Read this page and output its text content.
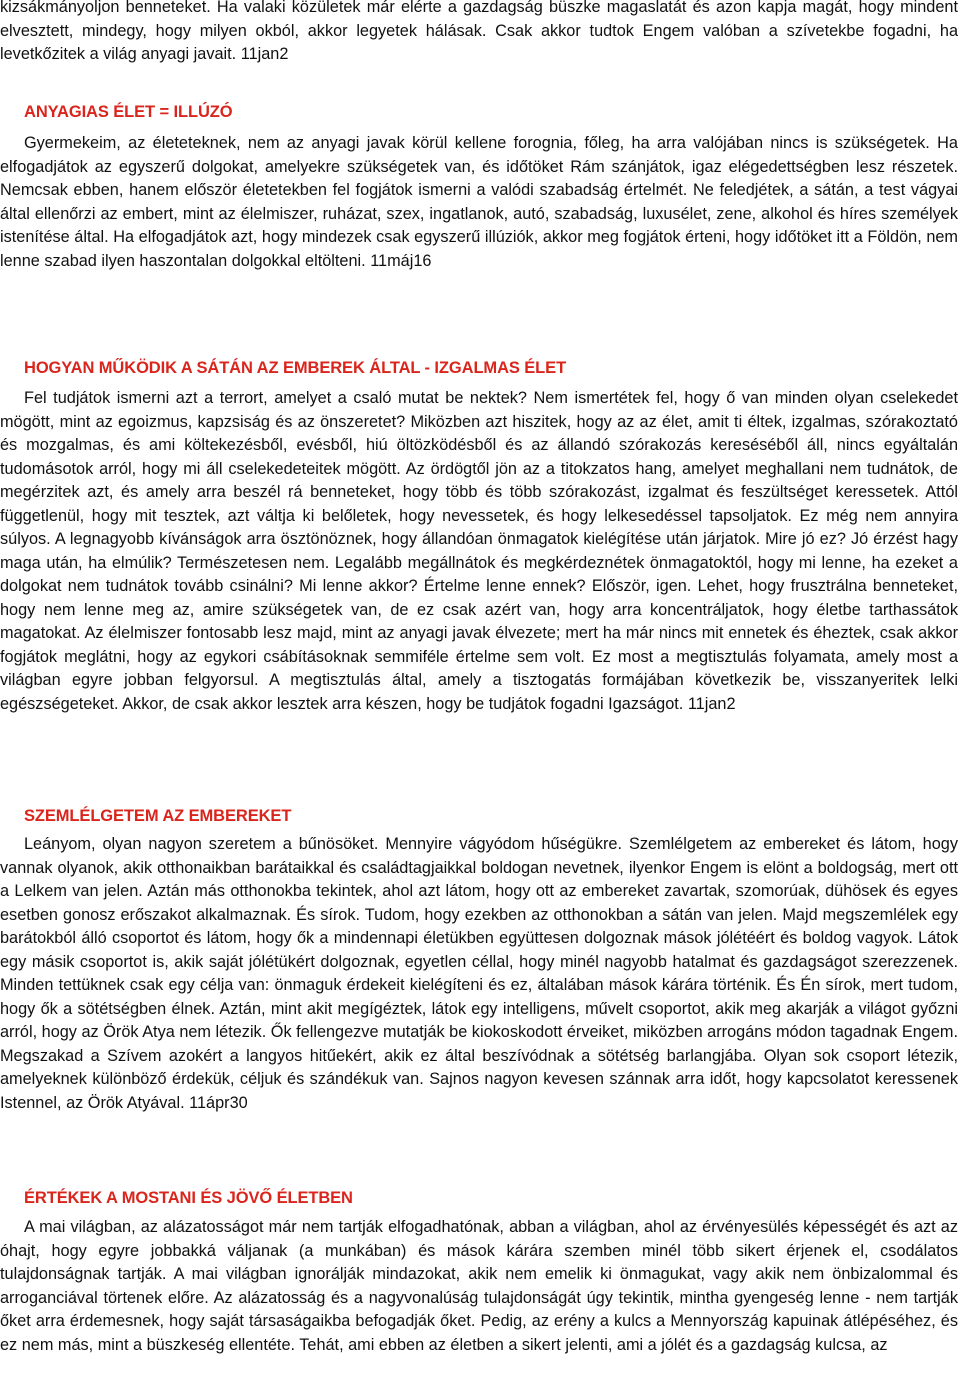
kizsákmányoljon benneteket. Ha valaki közületek már elérte a gazdagság büszke magaslatát és azon kapja magát, hogy mindent elvesztett, mindegy, hogy milyen okból, akkor legyetek hálásak. Csak akkor tudtok Engem valóban a szívetekbe fogadni, ha levetkőzitek a világ anyagi javait. 11jan2

ANYAGIAS ÉLET = ILLÚZÓ

Gyermekeim, az életeteknek, nem az anyagi javak körül kellene forognia, főleg, ha arra valójában nincs is szükségetek. Ha elfogadjátok az egyszerű dolgokat, amelyekre szükségetek van, és időtöket Rám szánjátok, igaz elégedettségben lesz részetek. Nemcsak ebben, hanem először életetekben fel fogjátok ismerni a valódi szabadság értelmét. Ne feledjétek, a sátán, a test vágyai által ellenőrzi az embert, mint az élelmiszer, ruházat, szex, ingatlanok, autó, szabadság, luxusélet, zene, alkohol és híres személyek istenítése által. Ha elfogadjátok azt, hogy mindezek csak egyszerű illúziók, akkor meg fogjátok érteni, hogy időtöket itt a Földön, nem lenne szabad ilyen haszontalan dolgokkal eltölteni. 11máj16

HOGYAN MŰKÖDIK A SÁTÁN AZ EMBEREK ÁLTAL - IZGALMAS ÉLET

Fel tudjátok ismerni azt a terrort, amelyet a csaló mutat be nektek? Nem ismertétek fel, hogy ő van minden olyan cselekedet mögött, mint az egoizmus, kapzsiság és az önszeretet? Miközben azt hiszitek, hogy az az élet, amit ti éltek, izgalmas, szórakoztató és mozgalmas, és ami költekezésből, evésből, hiú öltözködésből és az állandó szórakozás kereséséből áll, nincs egyáltalán tudomásotok arról, hogy mi áll cselekedeteitek mögött. Az ördögtől jön az a titokzatos hang, amelyet meghallani nem tudnátok, de megérzitek azt, és amely arra beszél rá benneteket, hogy több és több szórakozást, izgalmat és feszültséget keressetek. Attól függetlenül, hogy mit tesztek, azt váltja ki belőletek, hogy nevessetek, és hogy lelkesedéssel tapsoljatok. Ez még nem annyira súlyos. A legnagyobb kívánságok arra ösztönöznek, hogy állandóan önmagatok kielégítése után járjatok. Mire jó ez? Jó érzést hagy maga után, ha elmúlik? Természetesen nem. Legalább megállnátok és megkérdeznétek önmagatoktól, hogy mi lenne, ha ezeket a dolgokat nem tudnátok tovább csinálni? Mi lenne akkor? Értelme lenne ennek? Először, igen. Lehet, hogy frusztrálna benneteket, hogy nem lenne meg az, amire szükségetek van, de ez csak azért van, hogy arra koncentráljatok, hogy életbe tarthassátok magatokat. Az élelmiszer fontosabb lesz majd, mint az anyagi javak élvezete; mert ha már nincs mit ennetek és éheztek, csak akkor fogjátok meglátni, hogy az egykori csábításoknak semmiféle értelme sem volt. Ez most a megtisztulás folyamata, amely most a világban egyre jobban felgyorsul. A megtisztulás által, amely a tisztogatás formájában következik be, visszanyeritek lelki egészségeteket. Akkor, de csak akkor lesztek arra készen, hogy be tudjátok fogadni Igazságot. 11jan2

SZEMLÉLGETEM AZ EMBEREKET

Leányom, olyan nagyon szeretem a bűnösöket. Mennyire vágyódom hűségükre. Szemlélgetem az embereket és látom, hogy vannak olyanok, akik otthonaikban barátaikkal és családtagjaikkal boldogan nevetnek, ilyenkor Engem is elönt a boldogság, mert ott a Lelkem van jelen. Aztán más otthonokba tekintek, ahol azt látom, hogy ott az embereket zavartak, szomorúak, dühösek és egyes esetben gonosz erőszakot alkalmaznak. És sírok. Tudom, hogy ezekben az otthonokban a sátán van jelen. Majd megszemlélek egy barátokból álló csoportot és látom, hogy ők a mindennapi életükben együttesen dolgoznak mások jólétéért és boldog vagyok. Látok egy másik csoportot is, akik saját jólétükért dolgoznak, egyetlen céllal, hogy minél nagyobb hatalmat és gazdagságot szerezzenek. Minden tettüknek csak egy célja van: önmaguk érdekeit kielégíteni és ez, általában mások kárára történik. És Én sírok, mert tudom, hogy ők a sötétségben élnek. Aztán, mint akit megígéztek, látok egy intelligens, művelt csoportot, akik meg akarják a világot győzni arról, hogy az Örök Atya nem létezik. Ők fellengezve mutatják be kiokoskodott érveiket, miközben arrogáns módon tagadnak Engem. Megszakad a Szívem azokért a langyos hitűekért, akik ez által beszívódnak a sötétség barlangjába. Olyan sok csoport létezik, amelyeknek különböző érdekük, céljuk és szándékuk van. Sajnos nagyon kevesen szánnak arra időt, hogy kapcsolatot keressenek Istennel, az Örök Atyával. 11ápr30

ÉRTÉKEK A MOSTANI ÉS JÖVŐ ÉLETBEN

A mai világban, az alázatosságot már nem tartják elfogadhatónak, abban a világban, ahol az érvényesülés képességét és azt az óhajt, hogy egyre jobbakká váljanak (a munkában) és mások kárára szemben minél több sikert érjenek el, csodálatos tulajdonságnak tartják. A mai világban ignorálják mindazokat, akik nem emelik ki önmagukat, vagy akik nem önbizalommal és arroganciával törtenek előre. Az alázatosság és a nagyvonalúság tulajdonságát úgy tekintik, mintha gyengeség lenne - nem tartják őket arra érdemesnek, hogy saját társaságaikba befogadják őket. Pedig, az erény a kulcs a Mennyország kapuinak átlépéséhez, és ez nem más, mint a büszkeség ellentéte. Tehát, ami ebben az életben a sikert jelenti, ami a jólét és a gazdagság kulcsa, az
